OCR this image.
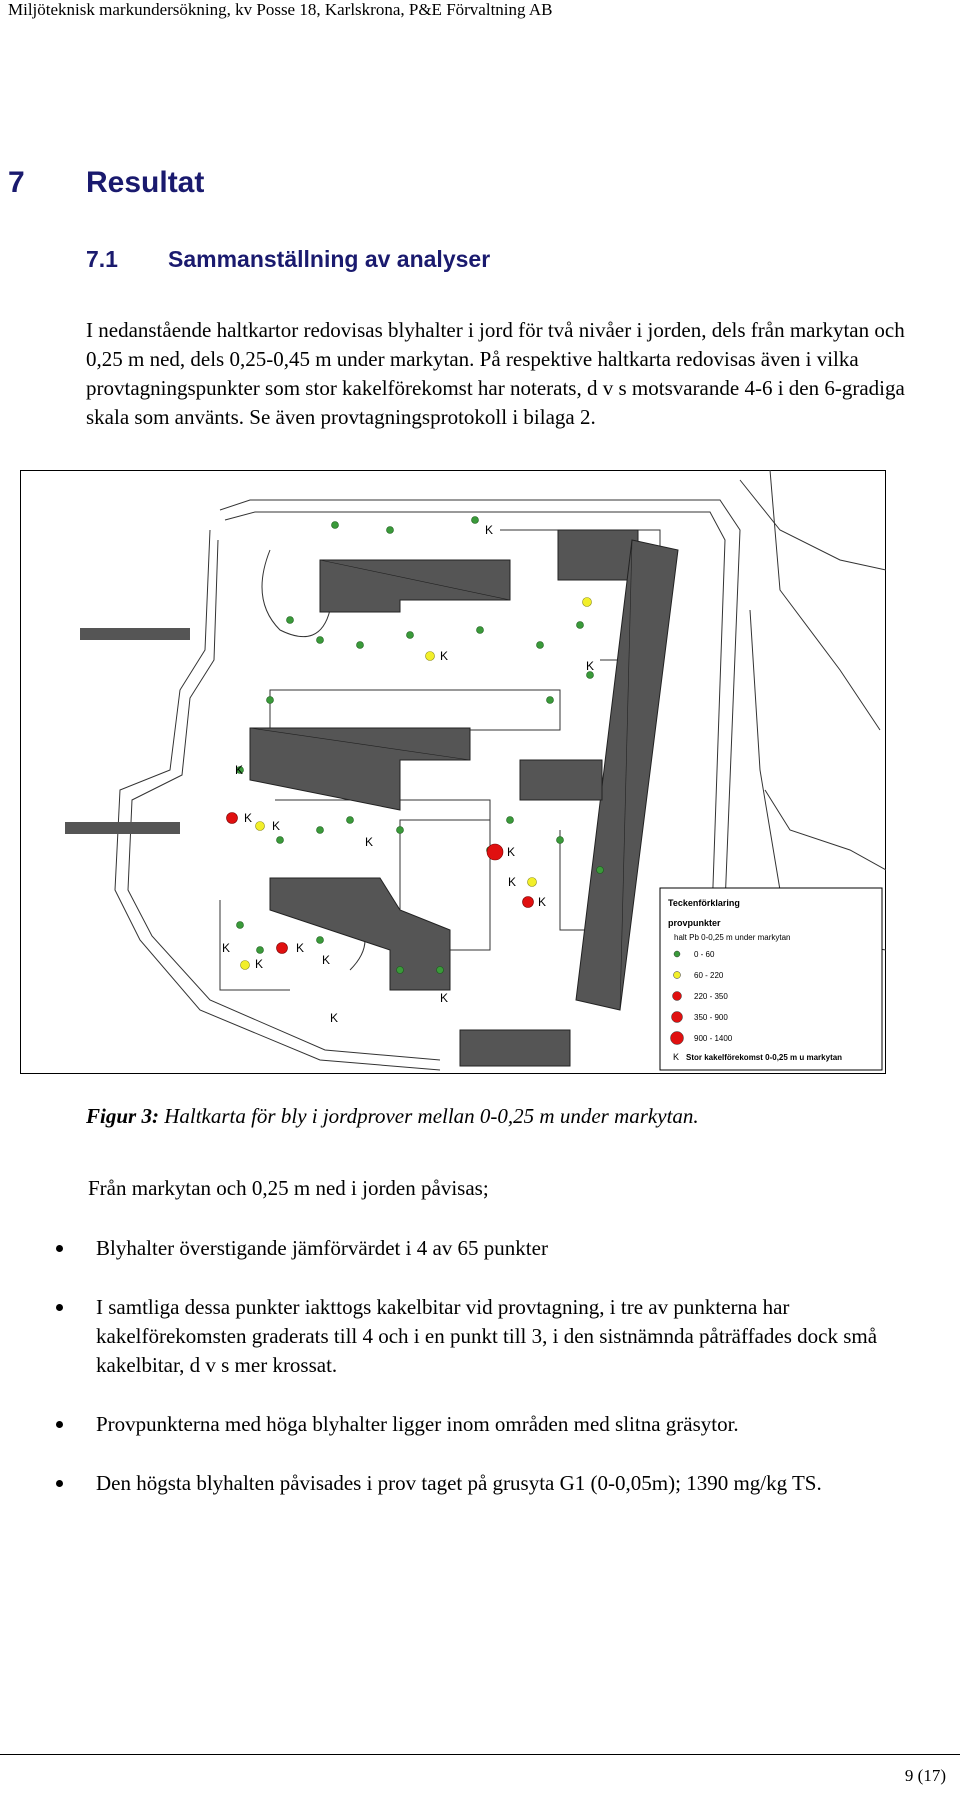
Miljöteknisk markundersökning, kv Posse 18, Karlskrona, P&E Förvaltning AB
7 Resultat
7.1 Sammanställning av analyser

I nedanstående haltkartor redovisas blyhalter i jord för två nivåer i jorden, dels från markytan och 0,25 m ned, dels 0,25-0,45 m under markytan. På respektive haltkarta redovisas även i vilka provtagningspunkter som stor kakelförekomst har noterats, d v s motsvarande 4-6 i den 6-gradiga skala som använts. Se även provtagningsprotokoll i bilaga 2.

K
K
K
K
K
K
K
K
K
K
K	K
K	K
K
K
Teckenförklaring
provpunkter
halt Pb 0-0,25 m under markytan
0 - 60
60 - 220
220 - 350
350 - 900
900 - 1400
K Stor kakelförekomst 0-0,25 m u markytan
Figur 3: Haltkarta för bly i jordprover mellan 0-0,25 m under markytan.
Från markytan och 0,25 m ned i jorden påvisas;
Blyhalter överstigande jämförvärdet i 4 av 65 punkter
I samtliga dessa punkter iakttogs kakelbitar vid provtagning, i tre av punkterna har kakelförekomsten graderats till 4 och i en punkt till 3, i den sistnämnda påträffades dock små kakelbitar, d v s mer krossat.
Provpunkterna med höga blyhalter ligger inom områden med slitna gräsytor.
Den högsta blyhalten påvisades i prov taget på grusyta G1 (0-0,05m); 1390 mg/kg TS.
9 (17)
